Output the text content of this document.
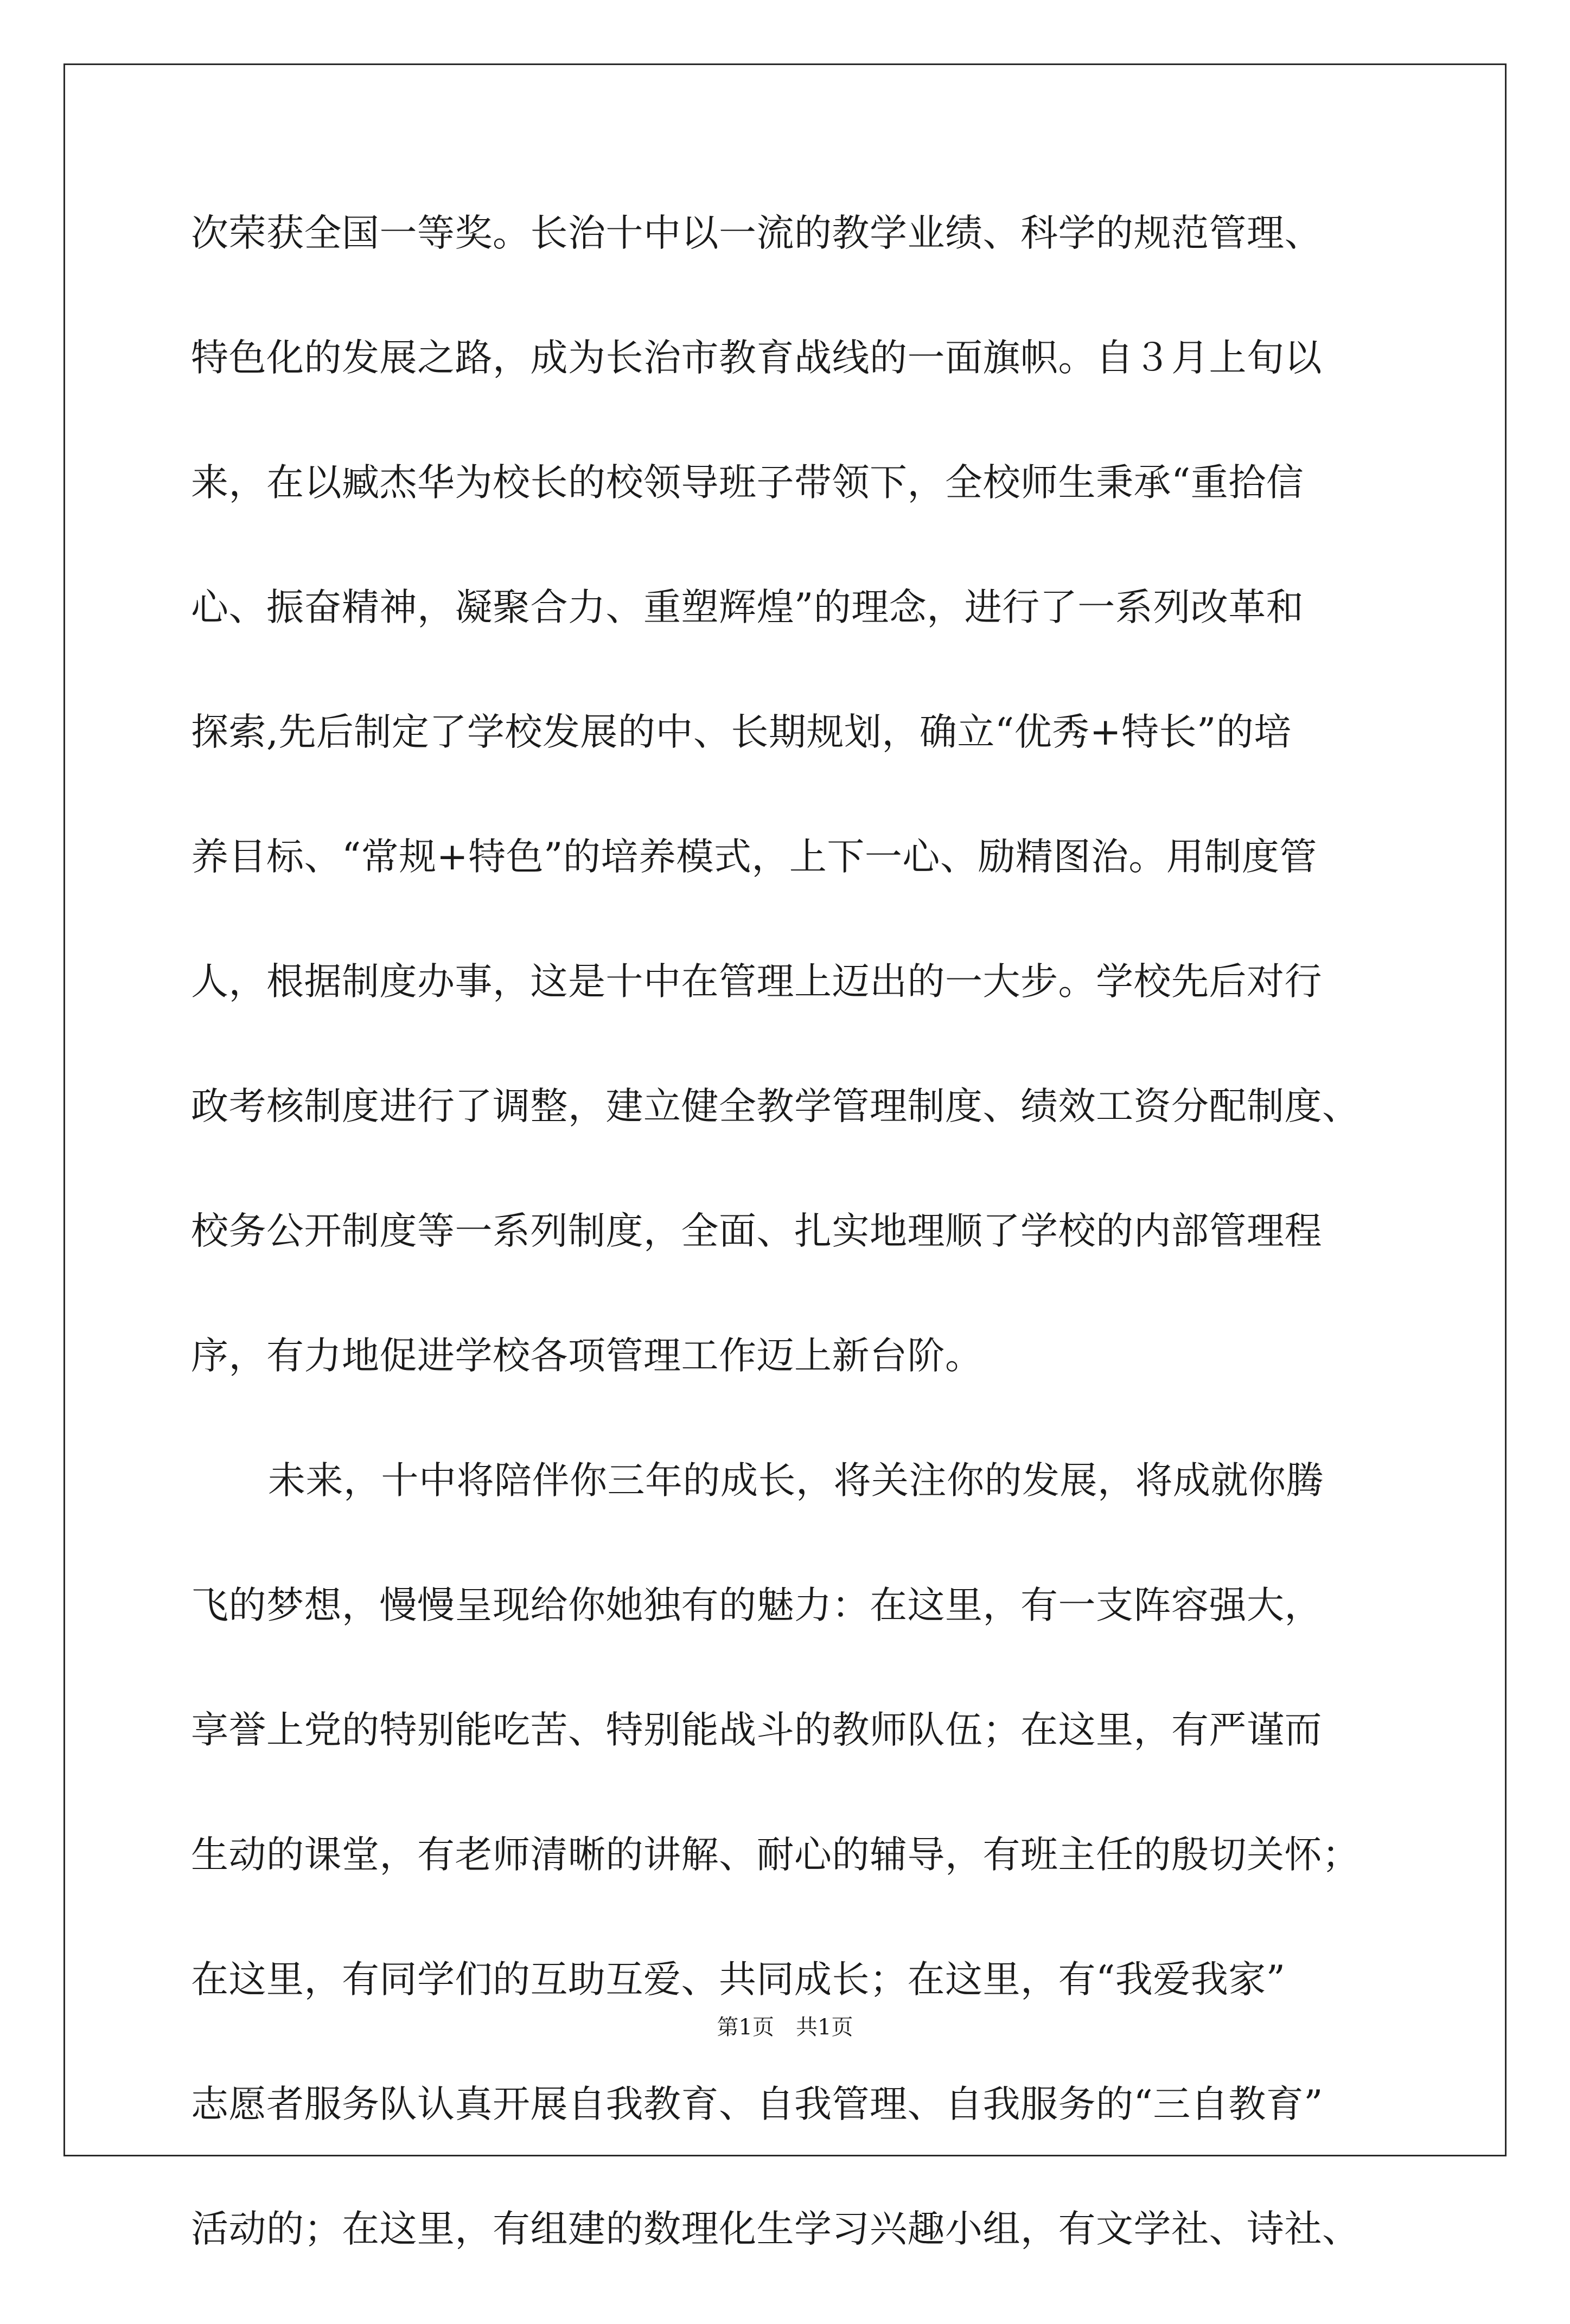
次荣获全国一等奖。长治十中以一流的教学业绩、科学的规范管理、
特色化的发展之路，成为长治市教育战线的一面旗帜。自３月上旬以
来，在以臧杰华为校长的校领导班子带领下，全校师生秉承“重拾信
心、振奋精神，凝聚合力、重塑辉煌”的理念，进行了一系列改革和
探索,先后制定了学校发展的中、长期规划，确立“优秀+特长”的培
养目标、“常规+特色”的培养模式，上下一心、励精图治。用制度管
人，根据制度办事，这是十中在管理上迈出的一大步。学校先后对行
政考核制度进行了调整，建立健全教学管理制度、绩效工资分配制度、
校务公开制度等一系列制度，全面、扎实地理顺了学校的内部管理程
序，有力地促进学校各项管理工作迈上新台阶。
未来，十中将陪伴你三年的成长，将关注你的发展，将成就你腾
飞的梦想，慢慢呈现给你她独有的魅力：在这里，有一支阵容强大，
享誉上党的特别能吃苦、特别能战斗的教师队伍；在这里，有严谨而
生动的课堂，有老师清晰的讲解、耐心的辅导，有班主任的殷切关怀；
在这里，有同学们的互助互爱、共同成长；在这里，有“我爱我家”
志愿者服务队认真开展自我教育、自我管理、自我服务的“三自教育”
活动的；在这里，有组建的数理化生学习兴趣小组，有文学社、诗社、
第1页　共1页
